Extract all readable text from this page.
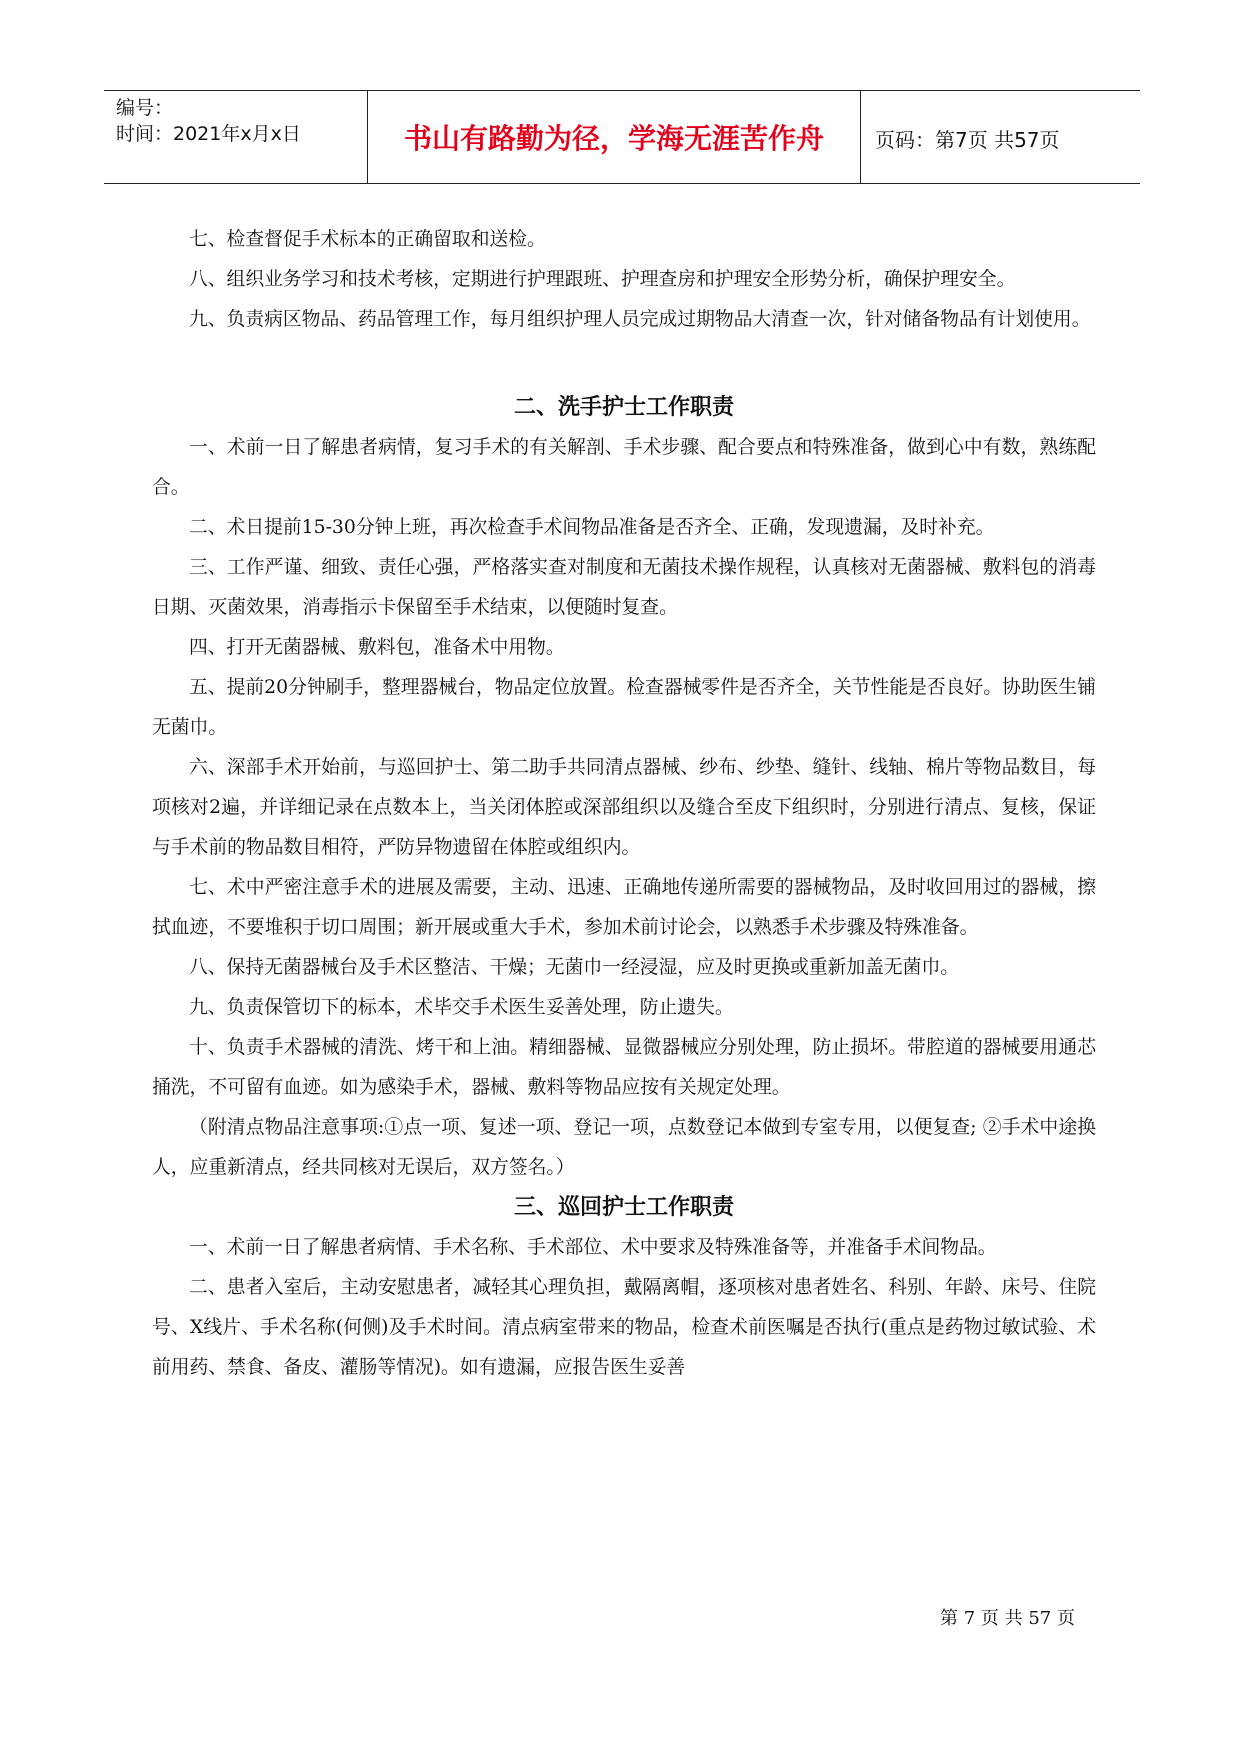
编号：
时间：2021年x月x日	书山有路勤为径，学海无涯苦作舟	页码：第7页 共57页

七、检查督促手术标本的正确留取和送检。

八、组织业务学习和技术考核，定期进行护理跟班、护理查房和护理安全形势分析，确保护理安全。

九、负责病区物品、药品管理工作，每月组织护理人员完成过期物品大清查一次，针对储备物品有计划使用。

二、洗手护士工作职责

一、术前一日了解患者病情，复习手术的有关解剖、手术步骤、配合要点和特殊准备，做到心中有数，熟练配合。

二、术日提前15-30分钟上班，再次检查手术间物品准备是否齐全、正确，发现遗漏，及时补充。

三、工作严谨、细致、责任心强，严格落实查对制度和无菌技术操作规程，认真核对无菌器械、敷料包的消毒日期、灭菌效果，消毒指示卡保留至手术结束，以便随时复查。

四、打开无菌器械、敷料包，准备术中用物。

五、提前20分钟刷手，整理器械台，物品定位放置。检查器械零件是否齐全，关节性能是否良好。协助医生铺无菌巾。

六、深部手术开始前，与巡回护士、第二助手共同清点器械、纱布、纱垫、缝针、线轴、棉片等物品数目，每项核对2遍，并详细记录在点数本上，当关闭体腔或深部组织以及缝合至皮下组织时，分别进行清点、复核，保证与手术前的物品数目相符，严防异物遗留在体腔或组织内。

七、术中严密注意手术的进展及需要，主动、迅速、正确地传递所需要的器械物品，及时收回用过的器械，擦拭血迹，不要堆积于切口周围；新开展或重大手术，参加术前讨论会，以熟悉手术步骤及特殊准备。

八、保持无菌器械台及手术区整洁、干燥；无菌巾一经浸湿，应及时更换或重新加盖无菌巾。

九、负责保管切下的标本，术毕交手术医生妥善处理，防止遗失。

十、负责手术器械的清洗、烤干和上油。精细器械、显微器械应分别处理，防止损坏。带腔道的器械要用通芯捅洗，不可留有血迹。如为感染手术，器械、敷料等物品应按有关规定处理。

（附清点物品注意事项:①点一项、复述一项、登记一项，点数登记本做到专室专用，以便复查; ②手术中途换人，应重新清点，经共同核对无误后，双方签名。）

三、巡回护士工作职责

一、术前一日了解患者病情、手术名称、手术部位、术中要求及特殊准备等，并准备手术间物品。

二、患者入室后，主动安慰患者，减轻其心理负担，戴隔离帽，逐项核对患者姓名、科别、年龄、床号、住院号、X线片、手术名称(何侧)及手术时间。清点病室带来的物品，检查术前医嘱是否执行(重点是药物过敏试验、术前用药、禁食、备皮、灌肠等情况)。如有遗漏，应报告医生妥善

第 7 页 共 57 页
